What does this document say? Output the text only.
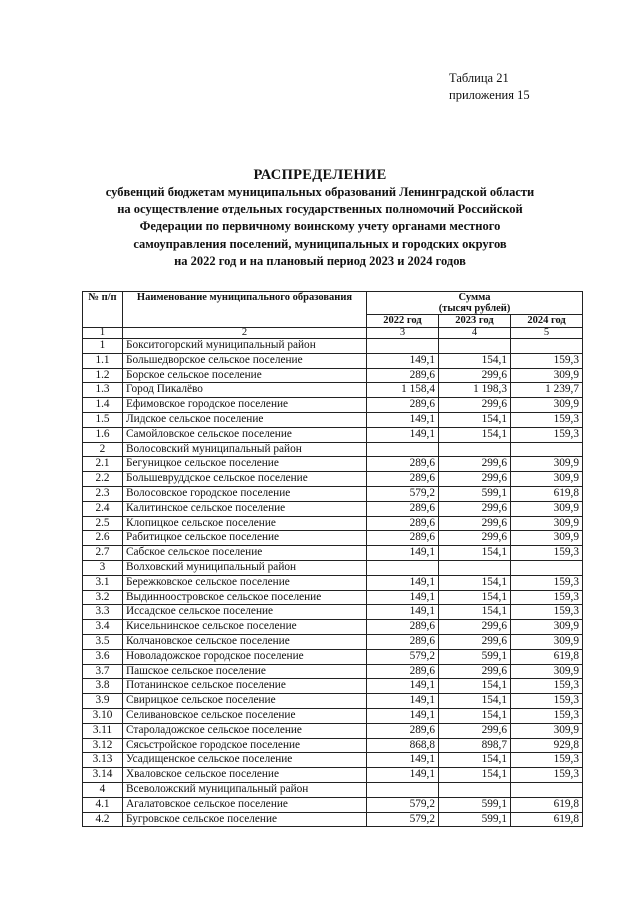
Таблица 21
приложения 15
РАСПРЕДЕЛЕНИЕ
субвенций бюджетам муниципальных образований Ленинградской области
на осуществление отдельных государственных полномочий Российской
Федерации по первичному воинскому учету органами местного
самоуправления поселений, муниципальных и городских округов
на 2022 год и на плановый период 2023 и 2024 годов
№ п/п	Наименование муниципального образования	Сумма
(тысяч рублей)		

		2022 год	2023 год	2024 год
1	2	3	4	5
1	Бокситогорский муниципальный район			
1.1	Большедворское сельское поселение	149,1	154,1	159,3
1.2	Борское сельское поселение	289,6	299,6	309,9
1.3	Город Пикалёво	1 158,4	1 198,3	1 239,7
1.4	Ефимовское городское поселение	289,6	299,6	309,9
1.5	Лидское сельское поселение	149,1	154,1	159,3
1.6	Самойловское сельское поселение	149,1	154,1	159,3
2	Волосовский муниципальный район			
2.1	Бегуницкое сельское поселение	289,6	299,6	309,9
2.2	Большевруддское сельское поселение	289,6	299,6	309,9
2.3	Волосовское городское поселение	579,2	599,1	619,8
2.4	Калитинское сельское поселение	289,6	299,6	309,9
2.5	Клопицкое сельское поселение	289,6	299,6	309,9
2.6	Рабитицкое сельское поселение	289,6	299,6	309,9
2.7	Сабское сельское поселение	149,1	154,1	159,3
3	Волховский муниципальный район			
3.1	Бережковское сельское поселение	149,1	154,1	159,3
3.2	Выдинноостровское сельское поселение	149,1	154,1	159,3
3.3	Иссадское сельское поселение	149,1	154,1	159,3
3.4	Кисельнинское сельское поселение	289,6	299,6	309,9
3.5	Колчановское сельское поселение	289,6	299,6	309,9
3.6	Новоладожское городское поселение	579,2	599,1	619,8
3.7	Пашское сельское поселение	289,6	299,6	309,9
3.8	Потанинское сельское поселение	149,1	154,1	159,3
3.9	Свирицкое сельское поселение	149,1	154,1	159,3
3.10	Селивановское сельское поселение	149,1	154,1	159,3
3.11	Староладожское сельское поселение	289,6	299,6	309,9
3.12	Сясьстройское городское поселение	868,8	898,7	929,8
3.13	Усадищенское сельское поселение	149,1	154,1	159,3
3.14	Хваловское сельское поселение	149,1	154,1	159,3
4	Всеволожский муниципальный район			
4.1	Агалатовское сельское поселение	579,2	599,1	619,8
4.2	Бугровское сельское поселение	579,2	599,1	619,8
